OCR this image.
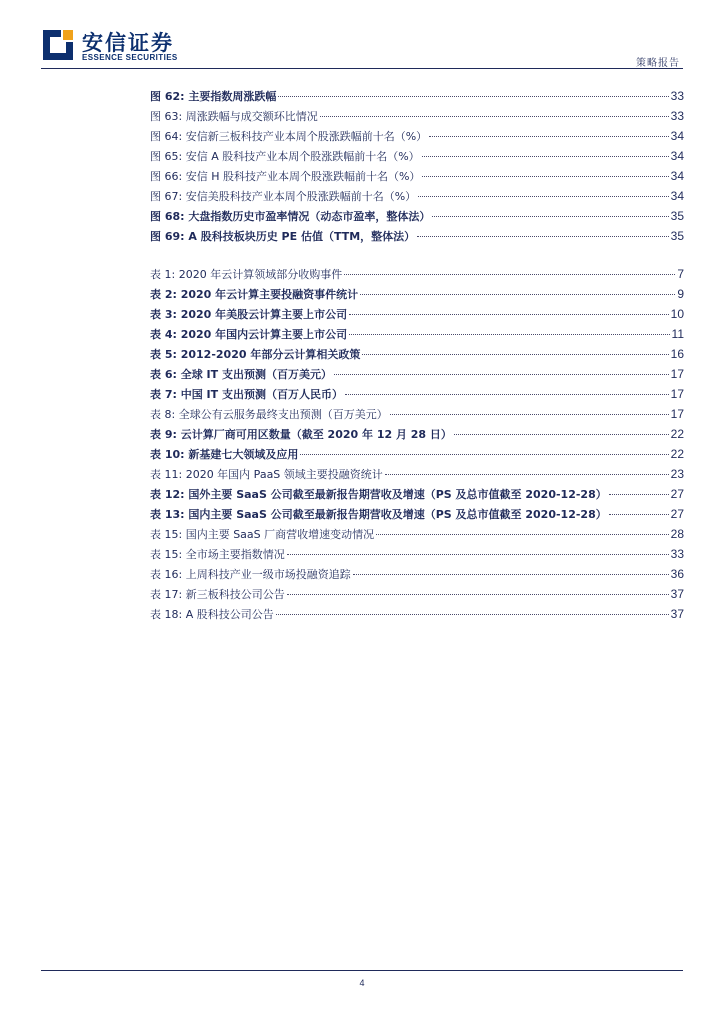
安信证券
ESSENCE SECURITIES
策略报告
图 62: 主要指数周涨跌幅	33
图 63: 周涨跌幅与成交额环比情况	33
图 64: 安信新三板科技产业本周个股涨跌幅前十名（%）	34
图 65: 安信 A 股科技产业本周个股涨跌幅前十名（%）	34
图 66: 安信 H 股科技产业本周个股涨跌幅前十名（%）	34
图 67: 安信美股科技产业本周个股涨跌幅前十名（%）	34
图 68: 大盘指数历史市盈率情况（动态市盈率，整体法）	35
图 69: A 股科技板块历史 PE 估值（TTM，整体法）	35
表 1: 2020 年云计算领域部分收购事件	7
表 2: 2020 年云计算主要投融资事件统计	9
表 3: 2020 年美股云计算主要上市公司	10
表 4: 2020 年国内云计算主要上市公司	11
表 5: 2012-2020 年部分云计算相关政策	16
表 6: 全球 IT 支出预测（百万美元）	17
表 7: 中国 IT 支出预测（百万人民币）	17
表 8: 全球公有云服务最终支出预测（百万美元）	17
表 9: 云计算厂商可用区数量（截至 2020 年 12 月 28 日）	22
表 10: 新基建七大领域及应用	22
表 11: 2020 年国内 PaaS 领域主要投融资统计	23
表 12: 国外主要 SaaS 公司截至最新报告期营收及增速（PS 及总市值截至 2020-12-28）	27
表 13: 国内主要 SaaS 公司截至最新报告期营收及增速（PS 及总市值截至 2020-12-28）	27
表 15: 国内主要 SaaS 厂商营收增速变动情况	28
表 15: 全市场主要指数情况	33
表 16: 上周科技产业一级市场投融资追踪	36
表 17: 新三板科技公司公告	37
表 18: A 股科技公司公告	37
4
